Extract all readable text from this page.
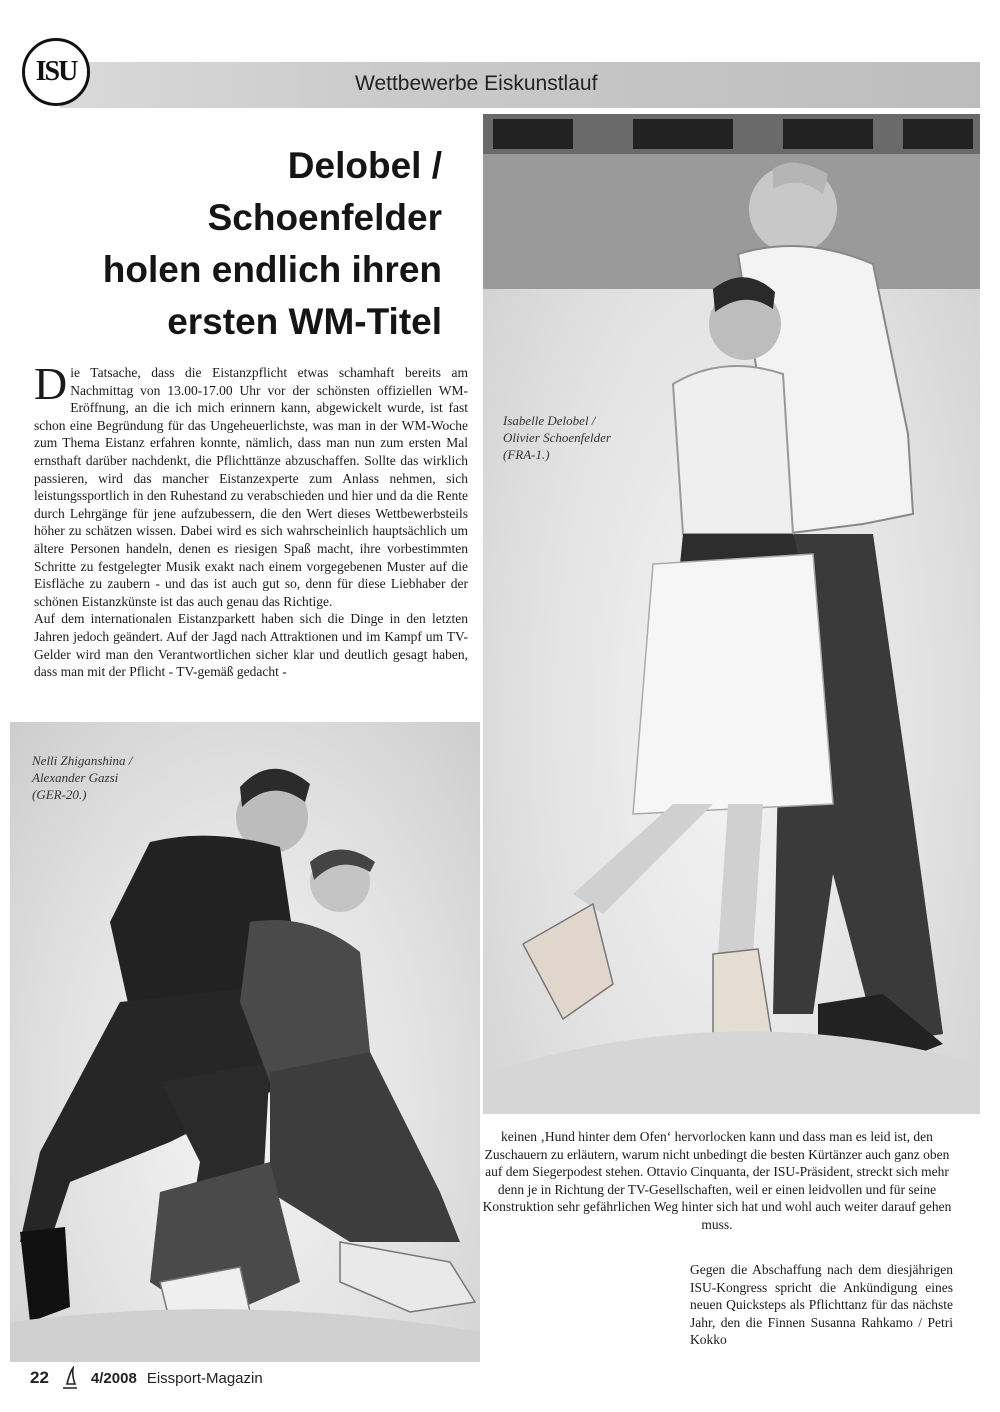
ISU	Wettbewerbe Eiskunstlauf
Delobel /
Schoenfelder
holen endlich ihren
ersten WM-Titel
Isabelle Delobel /
Olivier Schoenfelder
(FRA-1.)
Nelli Zhiganshina /
Alexander Gazsi
(GER-20.)

Die Tatsache, dass die Eistanzpflicht etwas schamhaft bereits am Nachmittag von 13.00-17.00 Uhr vor der schönsten offiziellen WM-Eröffnung, an die ich mich erinnern kann, abgewickelt wurde, ist fast schon eine Begründung für das Ungeheuerlichste, was man in der WM-Woche zum Thema Eistanz erfahren konnte, nämlich, dass man nun zum ersten Mal ernsthaft darüber nachdenkt, die Pflichttänze abzuschaffen. Sollte das wirklich passieren, wird das mancher Eistanzexperte zum Anlass nehmen, sich leistungssportlich in den Ruhestand zu verabschieden und hier und da die Rente durch Lehrgänge für jene aufzubessern, die den Wert dieses Wettbewerbsteils höher zu schätzen wissen. Dabei wird es sich wahrscheinlich hauptsächlich um ältere Personen handeln, denen es riesigen Spaß macht, ihre vorbestimmten Schritte zu festgelegter Musik exakt nach einem vorgegebenen Muster auf die Eisfläche zu zaubern - und das ist auch gut so, denn für diese Liebhaber der schönen Eistanzkünste ist das auch genau das Richtige.

Auf dem internationalen Eistanzparkett haben sich die Dinge in den letzten Jahren jedoch geändert. Auf der Jagd nach Attraktionen und im Kampf um TV-Gelder wird man den Verantwortlichen sicher klar und deutlich gesagt haben, dass man mit der Pflicht - TV-gemäß gedacht -

keinen ‚Hund hinter dem Ofen‘ hervorlocken kann und dass man es leid ist, den Zuschauern zu erläutern, warum nicht unbedingt die besten Kürtänzer auch ganz oben auf dem Siegerpodest stehen. Ottavio Cinquanta, der ISU-Präsident, streckt sich mehr denn je in Richtung der TV-Gesellschaften, weil er einen leidvollen und für seine Konstruktion sehr gefährlichen Weg hinter sich hat und wohl auch weiter darauf gehen muss.
Gegen die Abschaffung nach dem diesjährigen ISU-Kongress spricht die Ankündigung eines neuen Quicksteps als Pflichttanz für das nächste Jahr, den die Finnen Susanna Rahkamo / Petri Kokko
22	4/2008 Eissport-Magazin
